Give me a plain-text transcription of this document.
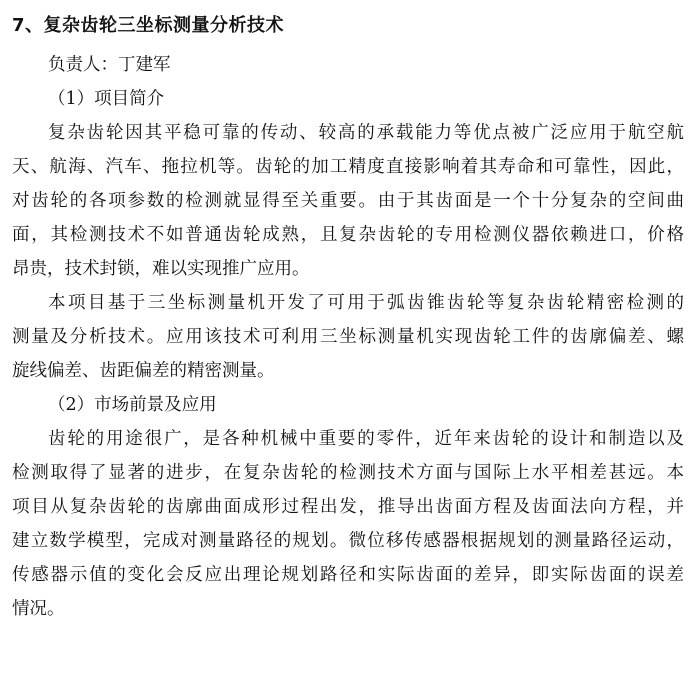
7、复杂齿轮三坐标测量分析技术

负责人：丁建军

（1）项目简介

复杂齿轮因其平稳可靠的传动、较高的承载能力等优点被广泛应用于航空航
天、航海、汽车、拖拉机等。齿轮的加工精度直接影响着其寿命和可靠性，因此，
对齿轮的各项参数的检测就显得至关重要。由于其齿面是一个十分复杂的空间曲
面，其检测技术不如普通齿轮成熟，且复杂齿轮的专用检测仪器依赖进口，价格
昂贵，技术封锁，难以实现推广应用。
本项目基于三坐标测量机开发了可用于弧齿锥齿轮等复杂齿轮精密检测的
测量及分析技术。应用该技术可利用三坐标测量机实现齿轮工件的齿廓偏差、螺
旋线偏差、齿距偏差的精密测量。

（2）市场前景及应用

齿轮的用途很广，是各种机械中重要的零件，近年来齿轮的设计和制造以及
检测取得了显著的进步，在复杂齿轮的检测技术方面与国际上水平相差甚远。本
项目从复杂齿轮的齿廓曲面成形过程出发，推导出齿面方程及齿面法向方程，并
建立数学模型，完成对测量路径的规划。微位移传感器根据规划的测量路径运动，
传感器示值的变化会反应出理论规划路径和实际齿面的差异，即实际齿面的误差
情况。
